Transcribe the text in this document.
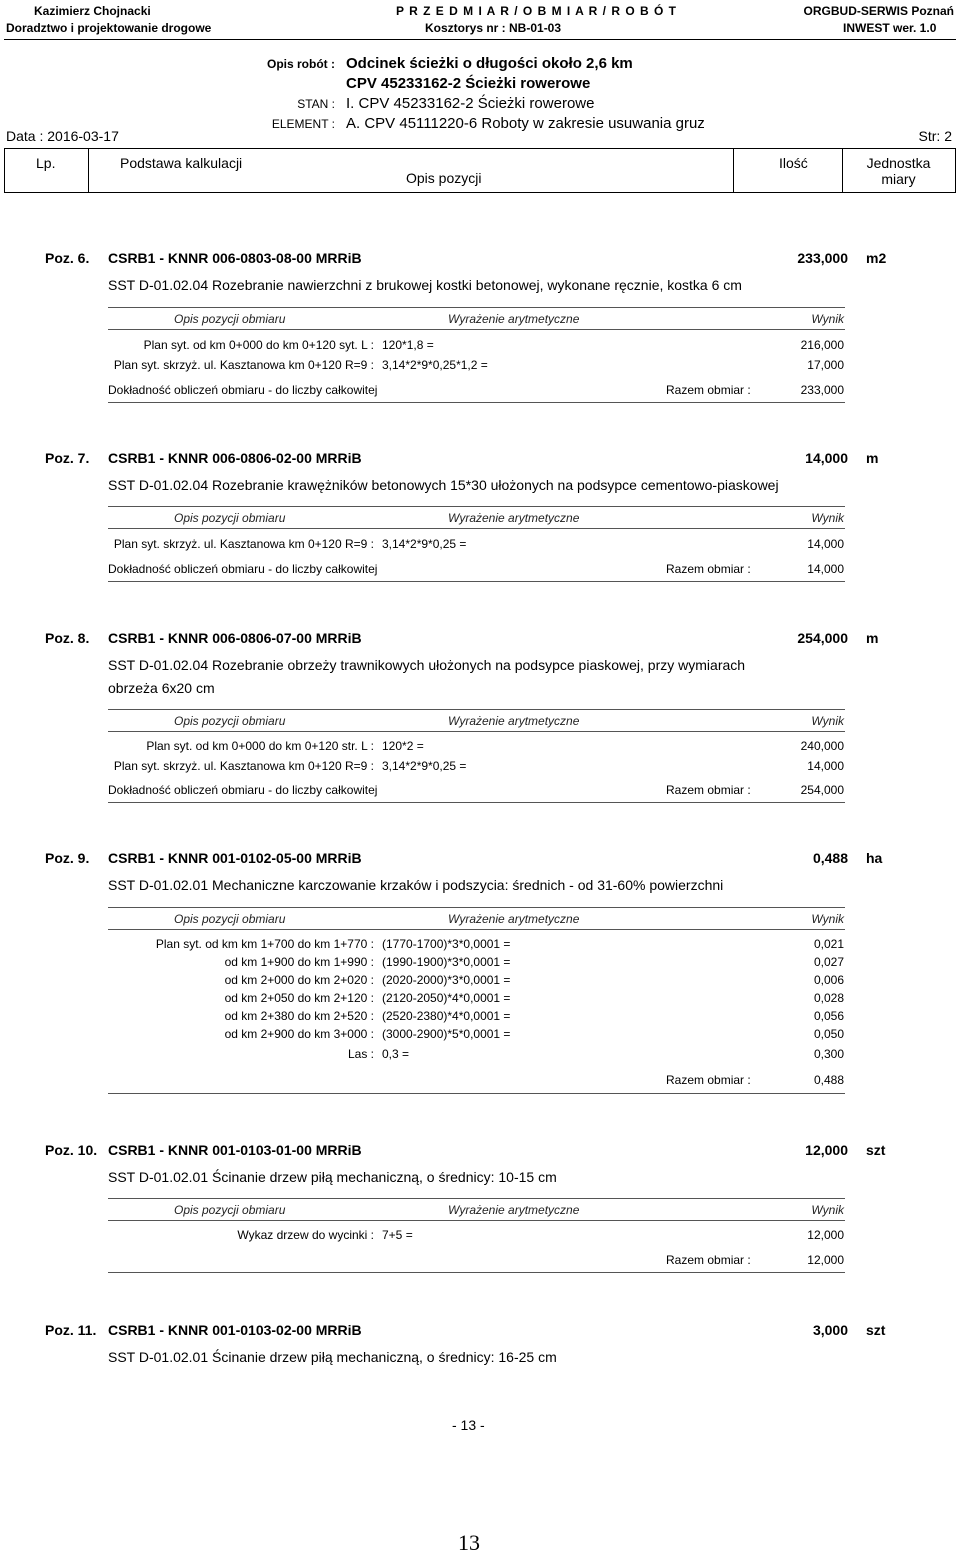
Kazimierz Chojnacki
Doradztwo i projektowanie drogowe
P R Z E D M I A R / O B M I A R / R O B Ó T
Kosztorys nr : NB-01-03
ORGBUD-SERWIS Poznań
INWEST wer. 1.0
Opis robót : Odcinek ścieżki o długości około 2,6 km
CPV 45233162-2 Ścieżki rowerowe
STAN : I. CPV 45233162-2 Ścieżki rowerowe
ELEMENT : A. CPV 45111220-6 Roboty w zakresie usuwania gruz
Data : 2016-03-17	Str: 2
Lp.	Podstawa kalkulacji
Opis pozycji
Ilość	Jednostka
miary
Poz. 6. CSRB1 - KNNR 006-0803-08-00 MRRiB	233,000 m2
SST D-01.02.04 Rozebranie nawierzchni z brukowej kostki betonowej, wykonane ręcznie, kostka 6 cm
Opis pozycji obmiaru	Wyrażenie arytmetyczne	Wynik
Plan syt. od km 0+000 do km 0+120 syt. L : 120*1,8 =	216,000
Plan syt. skrzyż. ul. Kasztanowa km 0+120 R=9 : 3,14*2*9*0,25*1,2 =	17,000
Dokładność obliczeń obmiaru - do liczby całkowitej	Razem obmiar :	233,000
Poz. 7. CSRB1 - KNNR 006-0806-02-00 MRRiB	14,000 m
SST D-01.02.04 Rozebranie krawężników betonowych 15*30 ułożonych na podsypce cementowo-piaskowej
Opis pozycji obmiaru	Wyrażenie arytmetyczne	Wynik
Plan syt. skrzyż. ul. Kasztanowa km 0+120 R=9 : 3,14*2*9*0,25 =	14,000
Dokładność obliczeń obmiaru - do liczby całkowitej	Razem obmiar :	14,000
Poz. 8. CSRB1 - KNNR 006-0806-07-00 MRRiB	254,000 m
SST D-01.02.04 Rozebranie obrzeży trawnikowych ułożonych na podsypce piaskowej, przy wymiarach
obrzeża 6x20 cm
Opis pozycji obmiaru	Wyrażenie arytmetyczne	Wynik
Plan syt. od km 0+000 do km 0+120 str. L : 120*2 =	240,000
Plan syt. skrzyż. ul. Kasztanowa km 0+120 R=9 : 3,14*2*9*0,25 =	14,000
Dokładność obliczeń obmiaru - do liczby całkowitej	Razem obmiar :	254,000
Poz. 9. CSRB1 - KNNR 001-0102-05-00 MRRiB	0,488 ha
SST D-01.02.01 Mechaniczne karczowanie krzaków i podszycia: średnich - od 31-60% powierzchni
Opis pozycji obmiaru	Wyrażenie arytmetyczne	Wynik
Plan syt. od km km 1+700 do km 1+770 : (1770-1700)*3*0,0001 =	0,021
od km 1+900 do km 1+990 : (1990-1900)*3*0,0001 =	0,027
od km 2+000 do km 2+020 : (2020-2000)*3*0,0001 =	0,006
od km 2+050 do km 2+120 : (2120-2050)*4*0,0001 =	0,028
od km 2+380 do km 2+520 : (2520-2380)*4*0,0001 =	0,056
od km 2+900 do km 3+000 : (3000-2900)*5*0,0001 =	0,050
Las : 0,3 =	0,300
Razem obmiar :	0,488
Poz. 10. CSRB1 - KNNR 001-0103-01-00 MRRiB	12,000 szt
SST D-01.02.01 Ścinanie drzew piłą mechaniczną, o średnicy: 10-15 cm
Opis pozycji obmiaru	Wyrażenie arytmetyczne	Wynik
Wykaz drzew do wycinki : 7+5 =	12,000
Razem obmiar :	12,000
Poz. 11. CSRB1 - KNNR 001-0103-02-00 MRRiB	3,000 szt
SST D-01.02.01 Ścinanie drzew piłą mechaniczną, o średnicy: 16-25 cm
- 13 -
13
